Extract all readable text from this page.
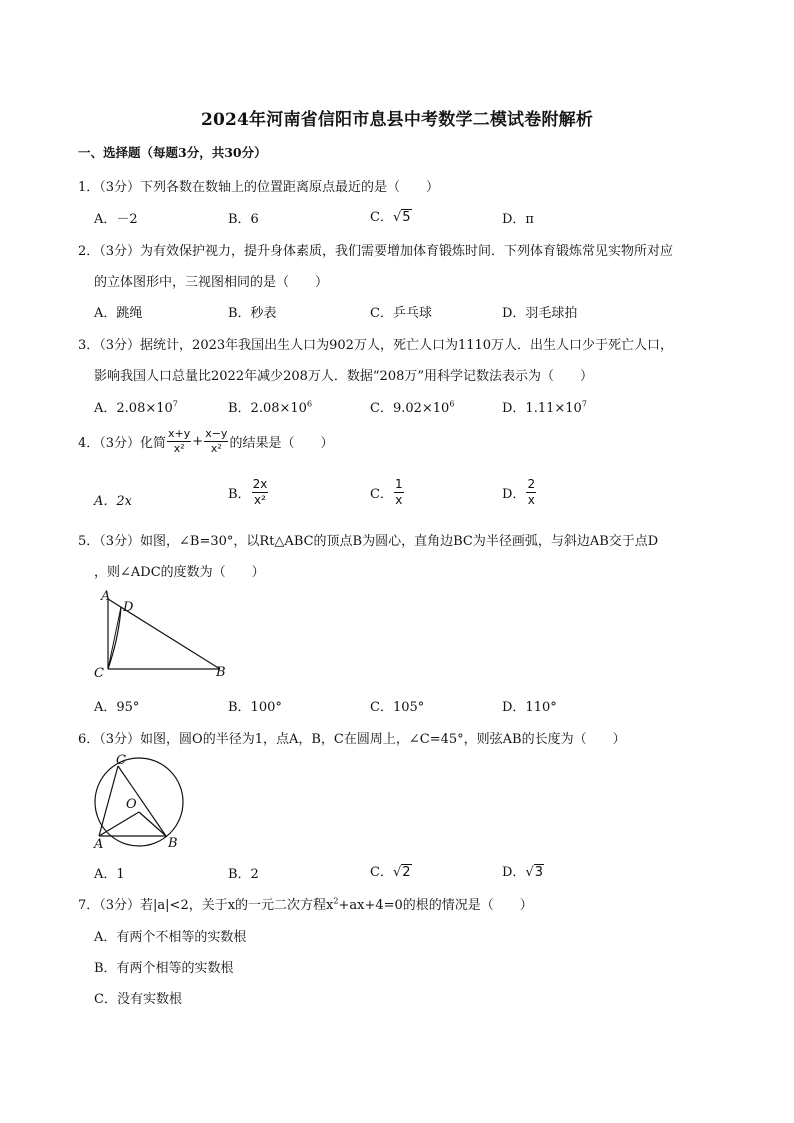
2024年河南省信阳市息县中考数学二模试卷附解析
一、选择题（每题3分，共30分）
1．（3分）下列各数在数轴上的位置距离原点最近的是（　　）
A．－2	B．6	C．√5	D．π
2．（3分）为有效保护视力，提升身体素质，我们需要增加体育锻炼时间．下列体育锻炼常见实物所对应
的立体图形中，三视图相同的是（　　）
A．跳绳	B．秒表	C．乒乓球	D．羽毛球拍
3．（3分）据统计，2023年我国出生人口为902万人，死亡人口为1110万人．出生人口少于死亡人口，
影响我国人口总量比2022年减少208万人．数据“208万”用科学记数法表示为（　　）
A．$2.08\times 10^7$	B．$2.08\times 10^6$	C．$9.02\times 10^6$	D．$1.11\times 10^7$
4．（3分）化简 $\frac{x+y}{\text{x²}} + \frac{x-y}{\text{x²}}$ 的结果是（　　）
A．2x	B． $\frac{2x}{\text{x²}}$	C． $\frac{1}{x}$	D． $\frac{2}{x}$
5．（3分）如图，∠B=30°，以Rt△ABC的顶点B为圆心，直角边BC为半径画弧，与斜边AB交于点D
，则∠ADC的度数为（　　）
A
D
C	B
A．95°	B．100°	C．105°	D．110°
6．（3分）如图，圆O的半径为1，点A，B，C在圆周上，∠C=45°，则弦AB的长度为（　　）
C
O
A	B
A．1	B．2	C．√2	D．√3
7．（3分）若|a|<2，关于x的一元二次方程$x^2+ax+4=0$的根的情况是（　　）
A．有两个不相等的实数根
B．有两个相等的实数根
C．没有实数根
